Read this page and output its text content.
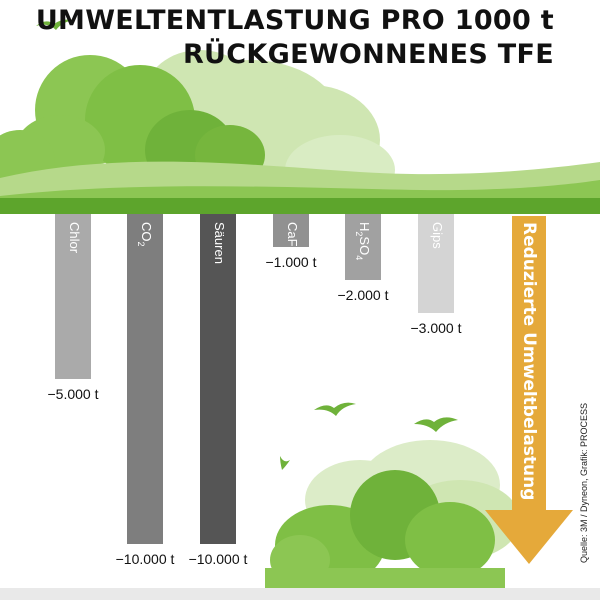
Reduzierte Umweltbelastung
Chlor
−5.000 t
$CO_2$
−10.000 t
Säuren
−10.000 t
CaF$_2$
−1.000 t
$H_2SO_4$
−2.000 t
Gips
−3.000 t
UMWELTENTLASTUNG PRO 1000 t
RÜCKGEWONNENES TFE
Quelle: 3M / Dyneon, Grafik: PROCESS
